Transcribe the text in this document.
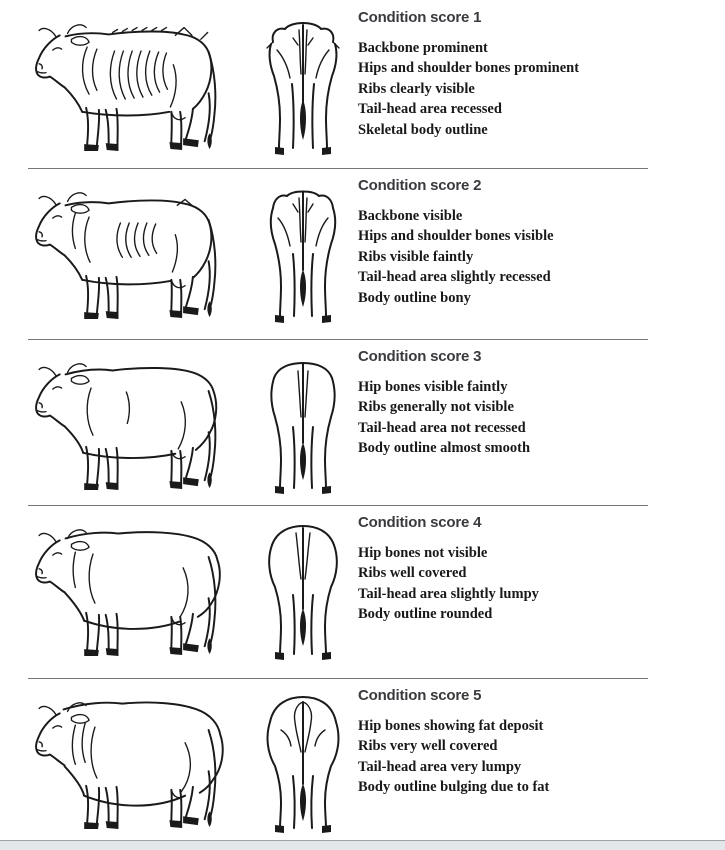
Condition score 1
Backbone prominent
Hips and shoulder bones prominent
Ribs clearly visible
Tail-head area recessed
Skeletal body outline
Condition score 2
Backbone visible
Hips and shoulder bones visible
Ribs visible faintly
Tail-head area slightly recessed
Body outline bony
Condition score 3
Hip bones visible faintly
Ribs generally not visible
Tail-head area not recessed
Body outline almost smooth
Condition score 4
Hip bones not visible
Ribs well covered
Tail-head area slightly lumpy
Body outline rounded
Condition score 5
Hip bones showing fat deposit
Ribs very well covered
Tail-head area very lumpy
Body outline bulging due to fat
